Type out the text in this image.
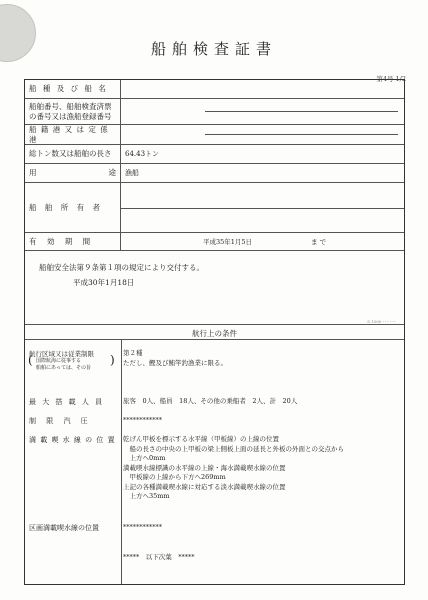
船舶検査証書
第4号 1/2
船 種 及 び 船 名
船舶番号、船舶検査済票
の番号又は漁船登録番号
船 籍 港 又 は 定 係 港
総トン数又は船舶の長さ	64.43トン
用	途 漁船
船 舶 所 有 者
有 効 期 間	平成35年1月5日	ま で
船舶安全法第９条第１項の規定により交付する。
平成30年1月18日
S 1000 ･･･ ･･･
航行上の条件
航行区域又は従業制限
( 国際航海に従事する
船舶にあっては、その旨
) 第２種
ただし、鰹及び鮪竿釣漁業に限る。
最 大 搭 載 人 員	旅客　0人、船員　18人、その他の乗船者　2人、計　20人
制 限 汽 圧	************
満 載 喫 水 線 の 位 置 乾げん甲板を標示する水平線（甲板線）の上線の位置
　船の長さの中央の上甲板の梁上側板上面の延長と外板の外面との交点から
　上方へ0mm
満載喫水線標識の水平線の上線・海水満載喫水線の位置
　甲板線の上線から下方へ269mm
上記の各種満載喫水線に対応する淡水満載喫水線の位置
　上方へ35mm
区画満載喫水線の位置	************
*****　以下次葉　*****
